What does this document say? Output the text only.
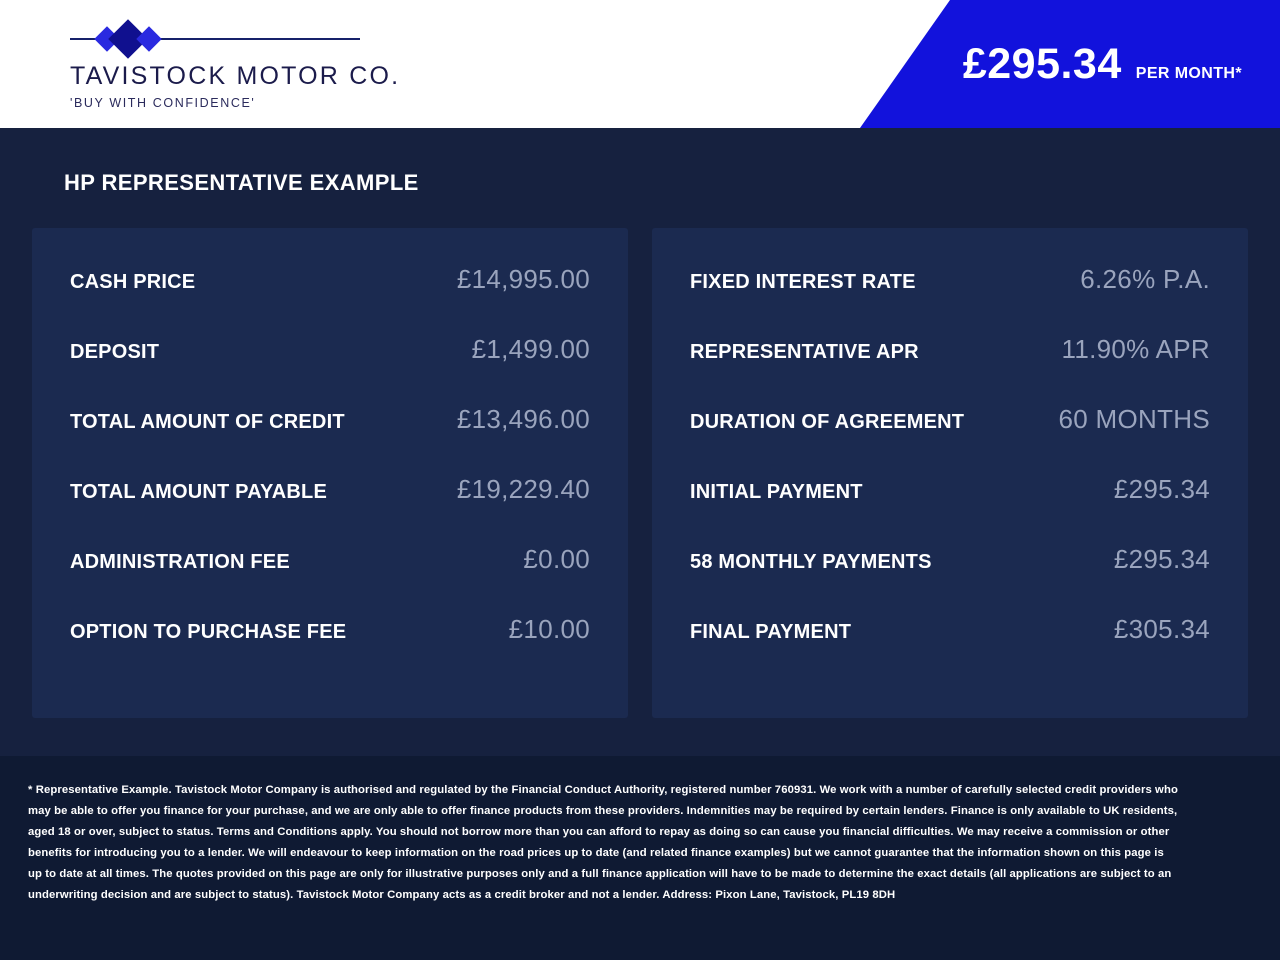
TAVISTOCK MOTOR CO.
'BUY WITH CONFIDENCE'
£295.34 PER MONTH*
HP REPRESENTATIVE EXAMPLE
CASH PRICE	£14,995.00
DEPOSIT	£1,499.00
TOTAL AMOUNT OF CREDIT	£13,496.00
TOTAL AMOUNT PAYABLE	£19,229.40
ADMINISTRATION FEE	£0.00
OPTION TO PURCHASE FEE	£10.00
FIXED INTEREST RATE	6.26% P.A.
REPRESENTATIVE APR	11.90% APR
DURATION OF AGREEMENT	60 MONTHS
INITIAL PAYMENT	£295.34
58 MONTHLY PAYMENTS	£295.34
FINAL PAYMENT	£305.34

* Representative Example. Tavistock Motor Company is authorised and regulated by the Financial Conduct Authority, registered number 760931. We work with a number of carefully selected credit providers who may be able to offer you finance for your purchase, and we are only able to offer finance products from these providers. Indemnities may be required by certain lenders. Finance is only available to UK residents, aged 18 or over, subject to status. Terms and Conditions apply. You should not borrow more than you can afford to repay as doing so can cause you financial difficulties. We may receive a commission or other benefits for introducing you to a lender. We will endeavour to keep information on the road prices up to date (and related finance examples) but we cannot guarantee that the information shown on this page is up to date at all times. The quotes provided on this page are only for illustrative purposes only and a full finance application will have to be made to determine the exact details (all applications are subject to an underwriting decision and are subject to status). Tavistock Motor Company acts as a credit broker and not a lender. Address: Pixon Lane, Tavistock, PL19 8DH
